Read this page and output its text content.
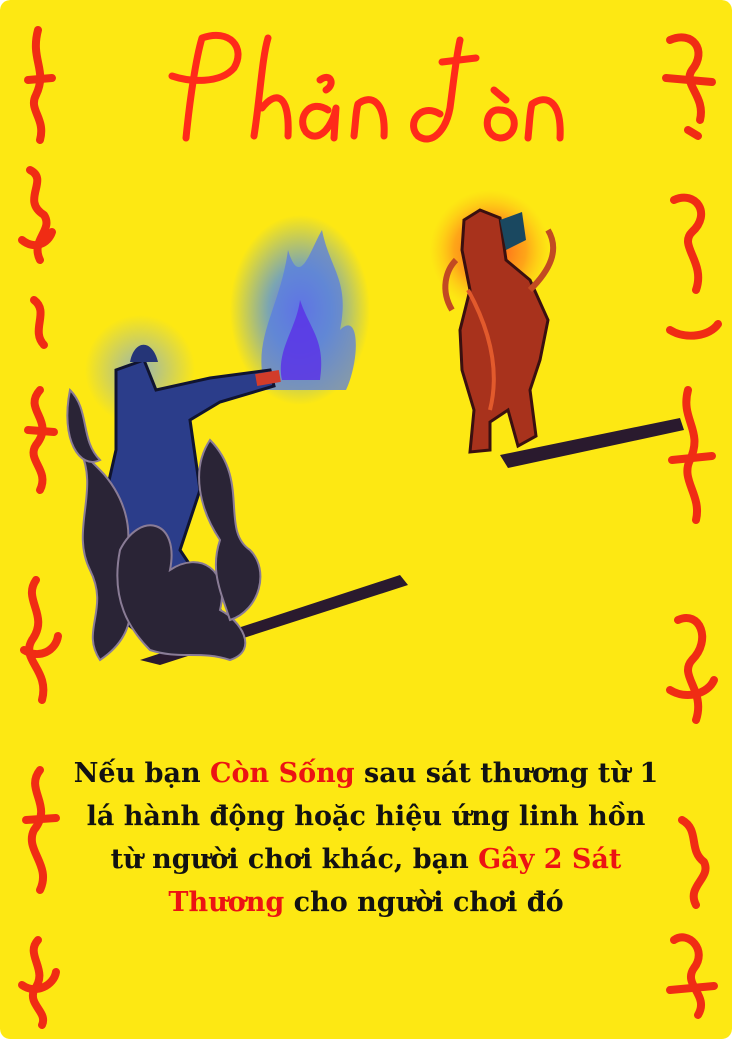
Nếu bạn Còn Sống sau sát thương từ 1 lá hành động hoặc hiệu ứng linh hồn từ người chơi khác, bạn Gây 2 Sát Thương cho người chơi đó
